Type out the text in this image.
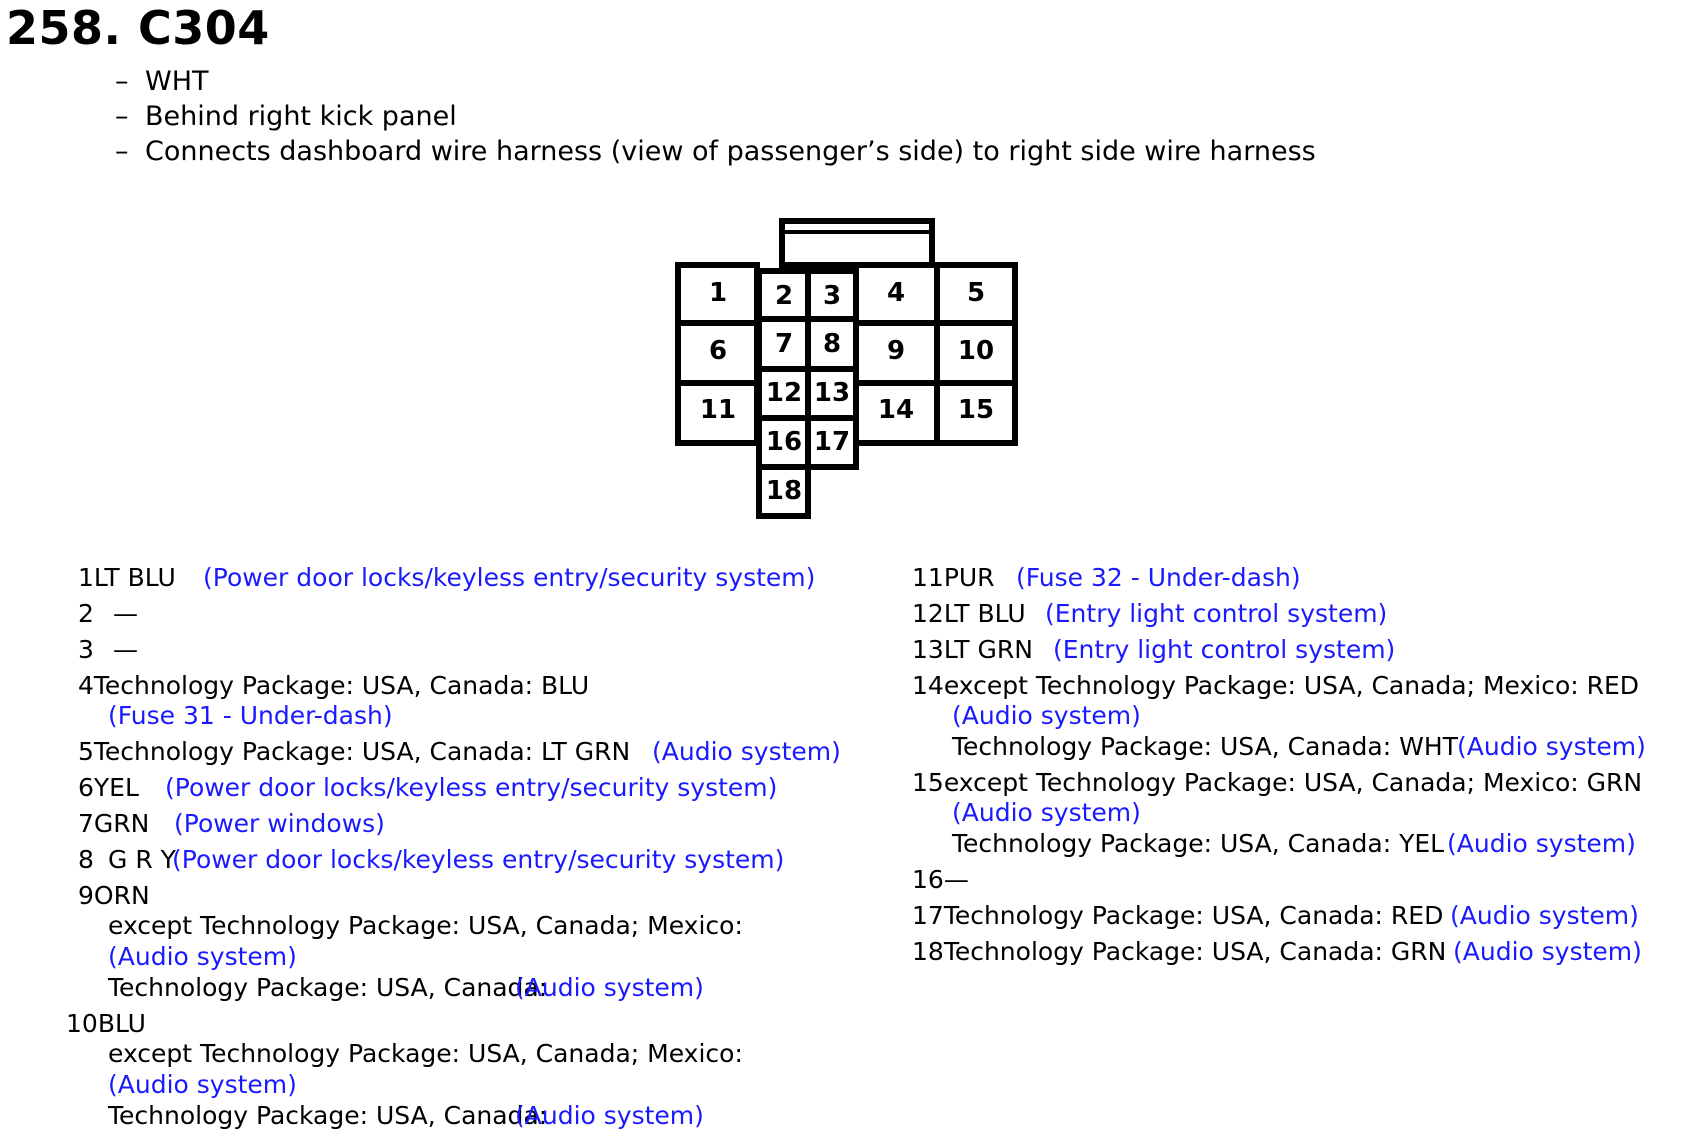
258. C304
– WHT
– Behind right kick panel
– Connects dashboard wire harness (view of passenger’s side) to right side wire harness
1 2 3 4 5
6 7 8 9 10
11
12 13
14 15
16 17
18
1LT BLU (Power door locks/keyless entry/security system)
2 —
3 —
4Technology Package: USA, Canada: BLU
(Fuse 31 - Under-dash)
5Technology Package: USA, Canada: LT GRN (Audio system)
6YEL (Power door locks/keyless entry/security system)
7GRN (Power windows)
8 G R Y
(Power door locks/keyless entry/security system)
9ORN
except Technology Package: USA, Canada; Mexico:
(Audio system)
Technology Package: USA, Canada:
(Audio system)
10BLU
except Technology Package: USA, Canada; Mexico:
(Audio system)
Technology Package: USA, Canada:
(Audio system)
11PUR (Fuse 32 - Under-dash)
12LT BLU (Entry light control system)
13LT GRN (Entry light control system)
14except Technology Package: USA, Canada; Mexico: RED
(Audio system)
Technology Package: USA, Canada: WHT (Audio system)
15except Technology Package: USA, Canada; Mexico: GRN
(Audio system)
Technology Package: USA, Canada: YEL (Audio system)
16—
17Technology Package: USA, Canada: RED (Audio system)
18Technology Package: USA, Canada: GRN (Audio system)
